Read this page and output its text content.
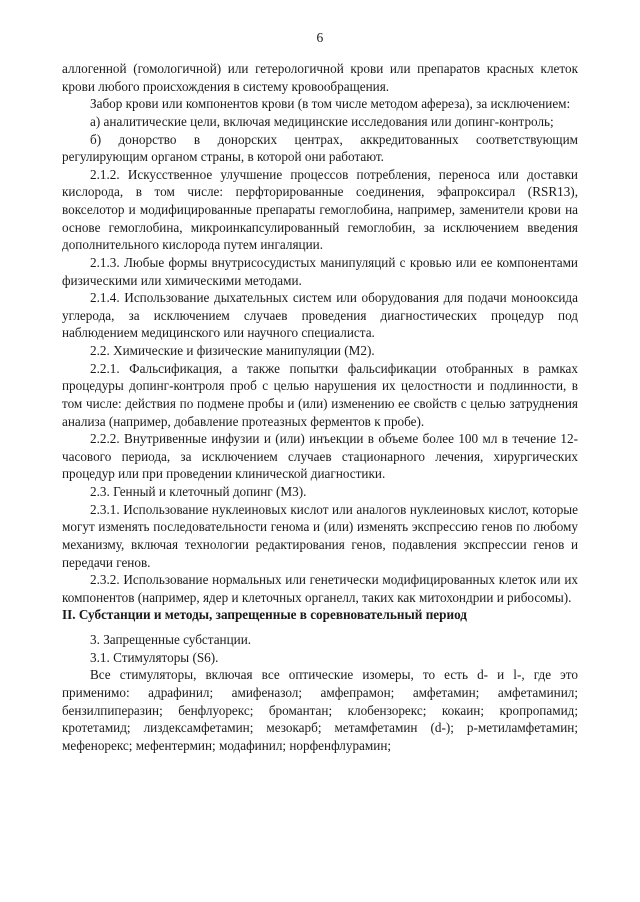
6

аллогенной (гомологичной) или гетерологичной крови или препаратов красных клеток крови любого происхождения в систему кровообращения.

Забор крови или компонентов крови (в том числе методом афереза), за исключением:

а) аналитические цели, включая медицинские исследования или допинг-контроль;

б) донорство в донорских центрах, аккредитованных соответствующим регулирующим органом страны, в которой они работают.

2.1.2. Искусственное улучшение процессов потребления, переноса или доставки кислорода, в том числе: перфторированные соединения, эфапроксирал (RSR13), вокселотор и модифицированные препараты гемоглобина, например, заменители крови на основе гемоглобина, микроинкапсулированный гемоглобин, за исключением введения дополнительного кислорода путем ингаляции.

2.1.3. Любые формы внутрисосудистых манипуляций с кровью или ее компонентами физическими или химическими методами.

2.1.4. Использование дыхательных систем или оборудования для подачи монооксида углерода, за исключением случаев проведения диагностических процедур под наблюдением медицинского или научного специалиста.

2.2. Химические и физические манипуляции (М2).

2.2.1. Фальсификация, а также попытки фальсификации отобранных в рамках процедуры допинг-контроля проб с целью нарушения их целостности и подлинности, в том числе: действия по подмене пробы и (или) изменению ее свойств с целью затруднения анализа (например, добавление протеазных ферментов к пробе).

2.2.2. Внутривенные инфузии и (или) инъекции в объеме более 100 мл в течение 12-часового периода, за исключением случаев стационарного лечения, хирургических процедур или при проведении клинической диагностики.

2.3. Генный и клеточный допинг (М3).

2.3.1. Использование нуклеиновых кислот или аналогов нуклеиновых кислот, которые могут изменять последовательности генома и (или) изменять экспрессию генов по любому механизму, включая технологии редактирования генов, подавления экспрессии генов и передачи генов.

2.3.2. Использование нормальных или генетически модифицированных клеток или их компонентов (например, ядер и клеточных органелл, таких как митохондрии и рибосомы).

II. Субстанции и методы, запрещенные в соревновательный период

3. Запрещенные субстанции.

3.1. Стимуляторы (S6).

Все стимуляторы, включая все оптические изомеры, то есть d- и l-, где это применимо: адрафинил; амифеназол; амфепрамон; амфетамин; амфетаминил; бензилпиперазин; бенфлуорекс; бромантан; клобензорекс; кокаин; кропропамид; кротетамид; лиздексамфетамин; мезокарб; метамфетамин (d-); p-метиламфетамин; мефенорекс; мефентермин; модафинил; норфенфлурамин;
